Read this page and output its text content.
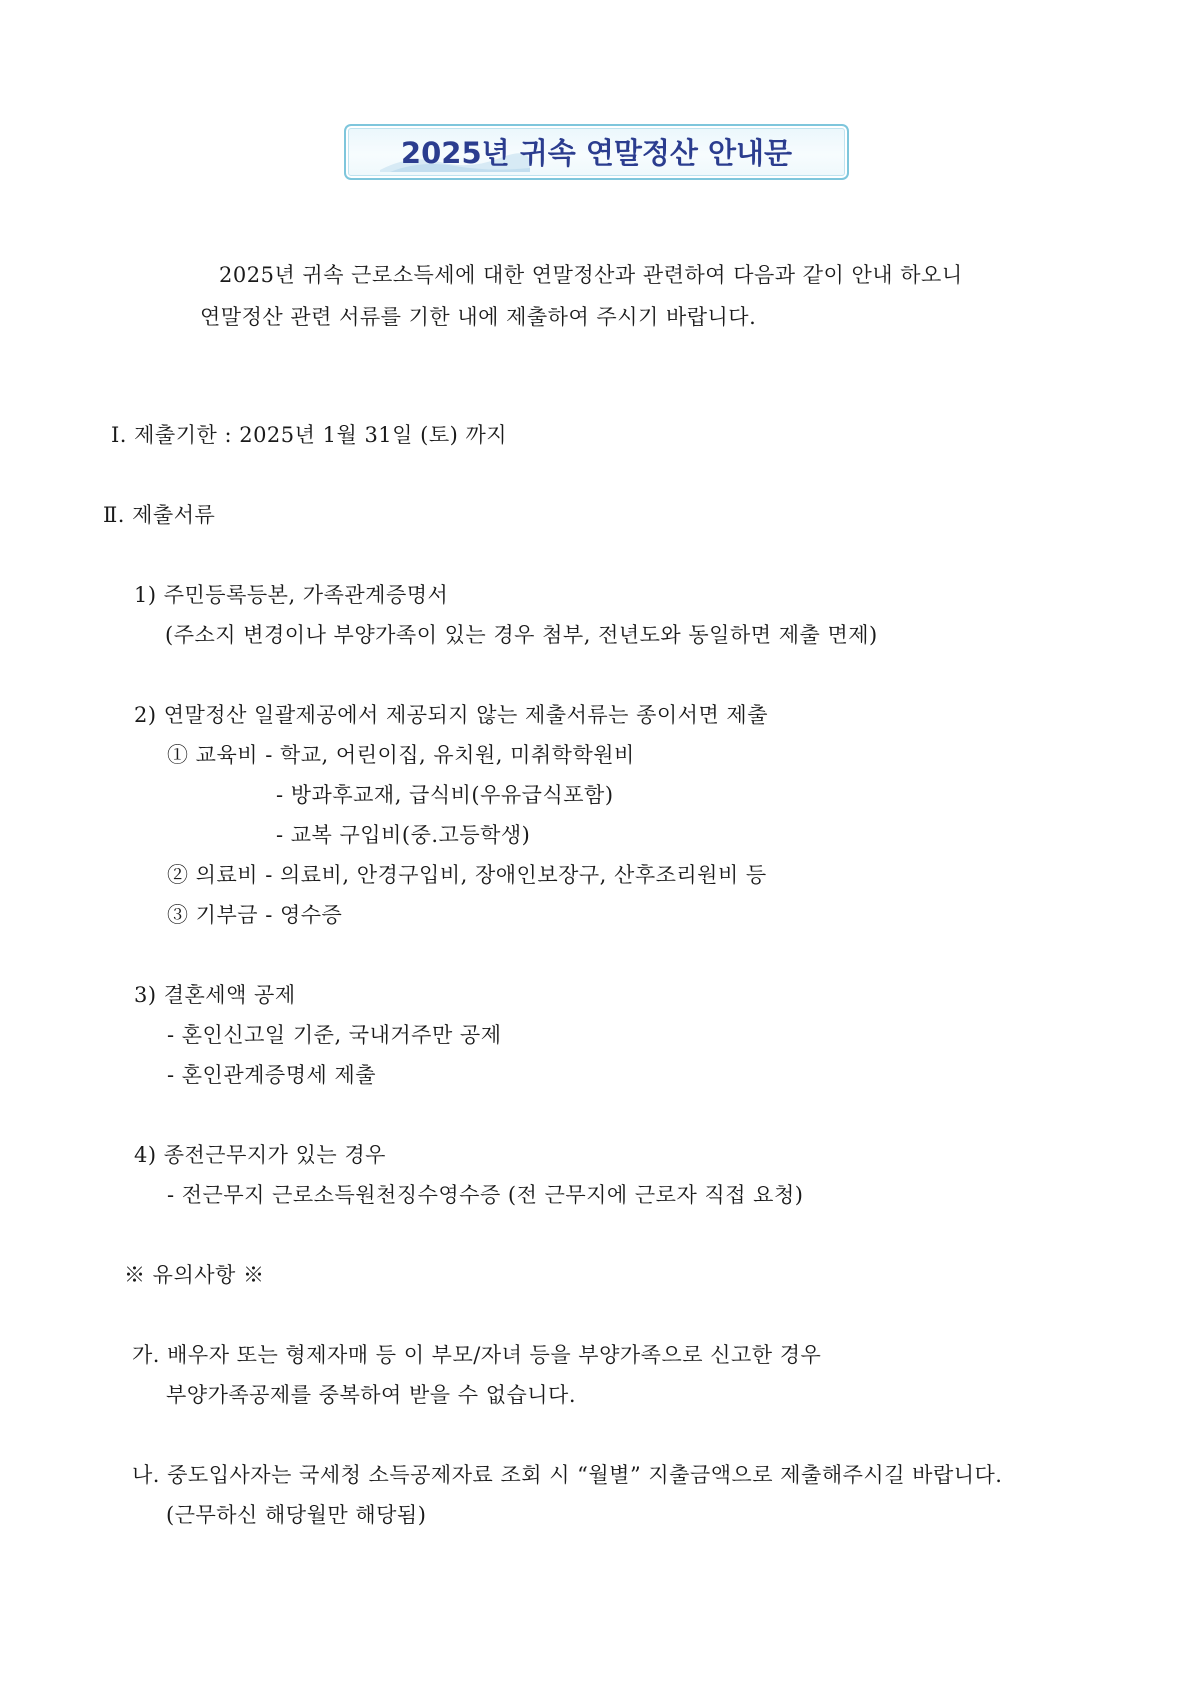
2025년 귀속 연말정산 안내문
2025년 귀속 근로소득세에 대한 연말정산과 관련하여 다음과 같이 안내 하오니
연말정산 관련 서류를 기한 내에 제출하여 주시기 바랍니다.
Ⅰ. 제출기한 : 2025년 1월 31일 (토) 까지
Ⅱ. 제출서류
1) 주민등록등본, 가족관계증명서
(주소지 변경이나 부양가족이 있는 경우 첨부, 전년도와 동일하면 제출 면제)
2) 연말정산 일괄제공에서 제공되지 않는 제출서류는 종이서면 제출
① 교육비 - 학교, 어린이집, 유치원, 미취학학원비
- 방과후교재, 급식비(우유급식포함)
- 교복 구입비(중.고등학생)
② 의료비 - 의료비, 안경구입비, 장애인보장구, 산후조리원비 등
③ 기부금 - 영수증
3) 결혼세액 공제
- 혼인신고일 기준, 국내거주만 공제
- 혼인관계증명세 제출
4) 종전근무지가 있는 경우
- 전근무지 근로소득원천징수영수증 (전 근무지에 근로자 직접 요청)
※ 유의사항 ※
가. 배우자 또는 형제자매 등 이 부모/자녀 등을 부양가족으로 신고한 경우
부양가족공제를 중복하여 받을 수 없습니다.
나. 중도입사자는 국세청 소득공제자료 조회 시 “월별” 지출금액으로 제출해주시길 바랍니다.
(근무하신 해당월만 해당됨)
